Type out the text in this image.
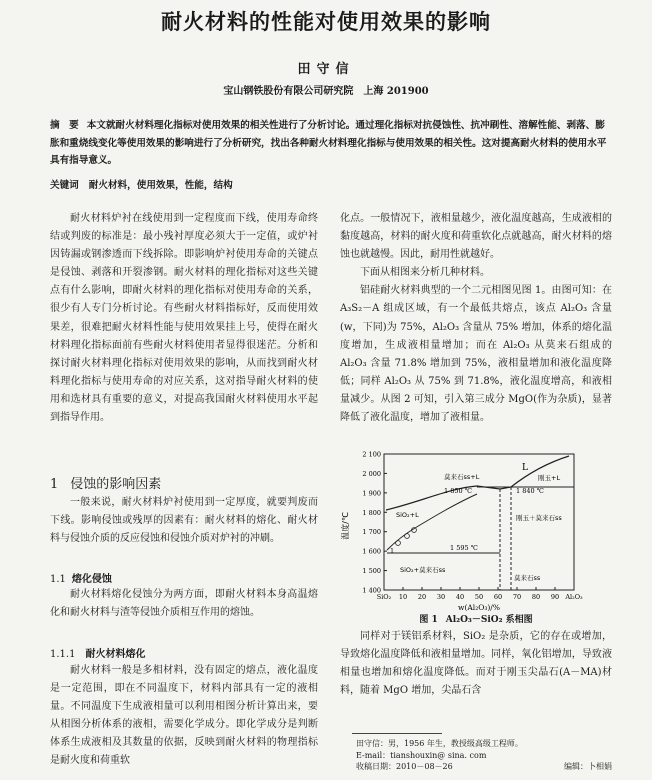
耐火材料的性能对使用效果的影响
田守信
宝山钢铁股份有限公司研究院　上海 201900
摘　要 本文就耐火材料理化指标对使用效果的相关性进行了分析讨论。通过理化指标对抗侵蚀性、抗冲刷性、溶解性能、剥落、膨胀和重烧线变化等使用效果的影响进行了分析研究，找出各种耐火材料理化指标与使用效果的相关性。这对提高耐火材料的使用水平具有指导意义。
关键词 耐火材料，使用效果，性能，结构

耐火材料炉衬在线使用到一定程度而下线，使用寿命终结或判废的标准是：最小残衬厚度必须大于一定值，或炉衬因铸漏或钢渗透而下线拆除。即影响炉衬使用寿命的关键点是侵蚀、剥落和开裂渗钢。耐火材料的理化指标对这些关键点有什么影响，即耐火材料的理化指标对使用寿命的关系，很少有人专门分析讨论。有些耐火材料指标好，反而使用效果差，很难把耐火材料性能与使用效果挂上号，使得在耐火材料理化指标面前有些耐火材料使用者显得很迷茫。分析和探讨耐火材料理化指标对使用效果的影响，从而找到耐火材料理化指标与使用寿命的对应关系，这对指导耐火材料的使用和选材具有重要的意义，对提高我国耐火材料使用水平起到指导作用。

1 侵蚀的影响因素

一般来说，耐火材料炉衬使用到一定厚度，就要判废而下线。影响侵蚀或残厚的因素有：耐火材料的熔化、耐火材料与侵蚀介质的反应侵蚀和侵蚀介质对炉衬的冲刷。

1.1 熔化侵蚀

耐火材料熔化侵蚀分为两方面，即耐火材料本身高温熔化和耐火材料与渣等侵蚀介质相互作用的熔蚀。

1.1.1 耐火材料熔化

耐火材料一般是多相材料，没有固定的熔点，液化温度是一定范围，即在不同温度下，材料内部具有一定的液相量。不同温度下生成液相量可以利用相图分析计算出来，要从相图分析体系的液相，需要化学成分。即化学成分是判断体系生成液相及其数量的依据，反映到耐火材料的物理指标是耐火度和荷重软

化点。一般情况下，液相量越少，液化温度越高，生成液相的黏度越高，材料的耐火度和荷重软化点就越高，耐火材料的熔蚀也就越慢。因此，耐用性就越好。

下面从相图来分析几种材料。

铝硅耐火材料典型的一个二元相图见图 1。由图可知：在 A₃S₂－A 组成区域，有一个最低共熔点，该点 Al₂O₃ 含量(w，下同)为 75%，Al₂O₃ 含量从 75% 增加，体系的熔化温度增加，生成液相量增加；而在 Al₂O₃ 从莫来石组成的 Al₂O₃ 含量 71.8% 增加到 75%，液相量增加和液化温度降低；同样 Al₂O₃ 从 75% 到 71.8%，液化温度增高，和液相量减少。从图 2 可知，引入第三成分 MgO(作为杂质)，显著降低了液化温度，增加了液相量。

温度/℃
1 400
1 500
1 600
1 700
1 800
1 900
2 000
2 100
SiO₂ 10 20 30 40 50 60 70 80 90 Al₂O₃
w(Al₂O₃)/%
L
莫来石ss+L	刚玉+L
SiO₂+L	刚玉＋莫来石ss
SiO₂+莫来石ss
莫来石ss
1 850 ℃	1 840 ℃
1 595 ℃
1
图 1 Al₂O₃－SiO₂ 系相图

同样对于镁铝系材料，SiO₂ 是杂质，它的存在或增加，导致熔化温度降低和液相量增加。同样，氧化铝增加，导致液相量也增加和熔化温度降低。而对于刚玉尖晶石(A－MA)材料，随着 MgO 增加，尖晶石含

田守信：男，1956 年生，教授级高级工程师。
E-mail：tianshouxin@ sina. com
收稿日期：2010－08－26	编辑：卜相娟
